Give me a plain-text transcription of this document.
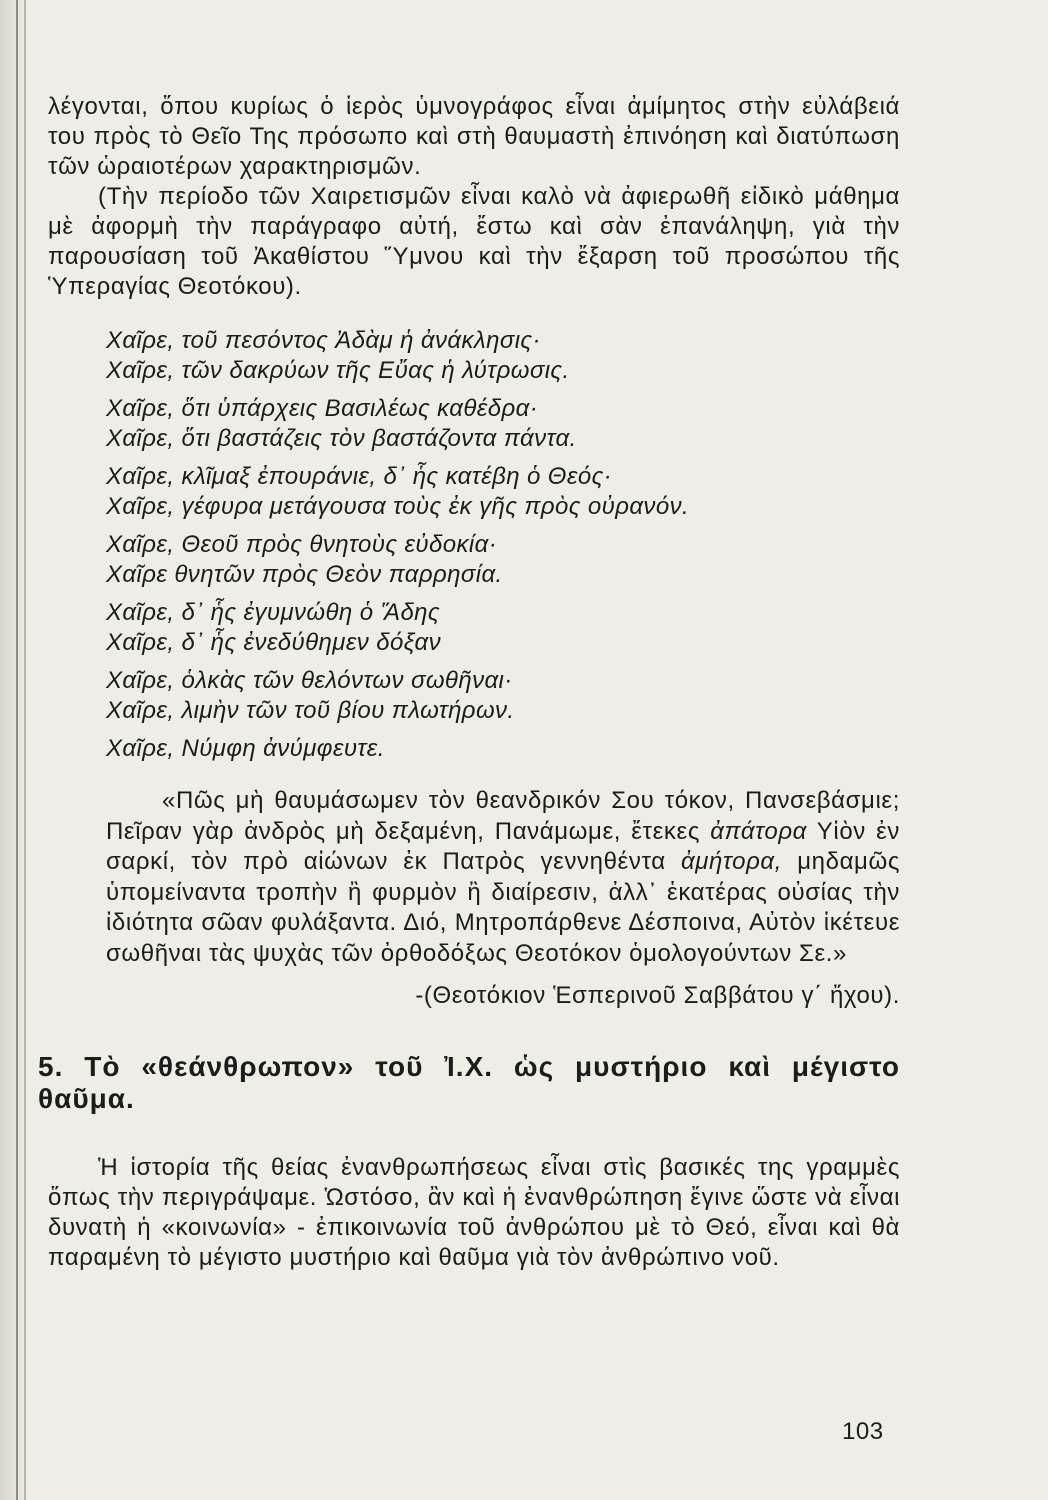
λέγονται, ὅπου κυρίως ὁ ἱερὸς ὑμνογράφος εἶναι ἀμίμητος στὴν εὐλάβειά του πρὸς τὸ Θεῖο Της πρόσωπο καὶ στὴ θαυμαστὴ ἐπινόηση καὶ διατύπωση τῶν ὡραιοτέρων χαρακτηρισμῶν.

(Τὴν περίοδο τῶν Χαιρετισμῶν εἶναι καλὸ νὰ ἀφιερωθῆ εἰδικὸ μάθημα μὲ ἀφορμὴ τὴν παράγραφο αὐτή, ἔστω καὶ σὰν ἐπανάληψη, γιὰ τὴν παρουσίαση τοῦ Ἀκαθίστου Ὕμνου καὶ τὴν ἔξαρση τοῦ προσώπου τῆς Ὑπεραγίας Θεοτόκου).

Χαῖρε, τοῦ πεσόντος Ἀδὰμ ἡ ἀνάκλησις·
Χαῖρε, τῶν δακρύων τῆς Εὔας ἡ λύτρωσις.
Χαῖρε, ὅτι ὑπάρχεις Βασιλέως καθέδρα·
Χαῖρε, ὅτι βαστάζεις τὸν βαστάζοντα πάντα.
Χαῖρε, κλῖμαξ ἐπουράνιε, δ᾿ ἧς κατέβη ὁ Θεός·
Χαῖρε, γέφυρα μετάγουσα τοὺς ἐκ γῆς πρὸς οὐρανόν.
Χαῖρε, Θεοῦ πρὸς θνητοὺς εὐδοκία·
Χαῖρε θνητῶν πρὸς Θεὸν παρρησία.
Χαῖρε, δ᾿ ἧς ἐγυμνώθη ὁ Ἅδης
Χαῖρε, δ᾿ ἧς ἐνεδύθημεν δόξαν
Χαῖρε, ὁλκὰς τῶν θελόντων σωθῆναι·
Χαῖρε, λιμὴν τῶν τοῦ βίου πλωτήρων.
Χαῖρε, Νύμφη ἀνύμφευτε.

«Πῶς μὴ θαυμάσωμεν τὸν θεανδρικόν Σου τόκον, Πανσεβάσμιε; Πεῖραν γὰρ ἀνδρὸς μὴ δεξαμένη, Πανάμωμε, ἔτεκες ἀπάτορα Υἱὸν ἐν σαρκί, τὸν πρὸ αἰώνων ἐκ Πατρὸς γεννηθέντα ἀμήτορα, μηδαμῶς ὑπομείναντα τροπὴν ἢ φυρμὸν ἢ διαίρεσιν, ἀλλ᾿ ἑκατέρας οὐσίας τὴν ἰδιότητα σῶαν φυλάξαντα. Διό, Μητροπάρθενε Δέσποινα, Αὐτὸν ἱκέτευε σωθῆναι τὰς ψυχὰς τῶν ὀρθοδόξως Θεοτόκον ὁμολογούντων Σε.»

-(Θεοτόκιον Ἑσπερινοῦ Σαββάτου γ΄ ἤχου).

5. Τὸ «θεάνθρωπον» τοῦ Ἰ.Χ. ὡς μυστήριο καὶ μέγιστο θαῦμα.

Ἡ ἱστορία τῆς θείας ἐνανθρωπήσεως εἶναι στὶς βασικές της γραμμὲς ὅπως τὴν περιγράψαμε. Ὡστόσο, ἂν καὶ ἡ ἐνανθρώπηση ἔγινε ὥστε νὰ εἶναι δυνατὴ ἡ «κοινωνία» - ἐπικοινωνία τοῦ ἀνθρώπου μὲ τὸ Θεό, εἶναι καὶ θὰ παραμένη τὸ μέγιστο μυστήριο καὶ θαῦμα γιὰ τὸν ἀνθρώπινο νοῦ.

103
